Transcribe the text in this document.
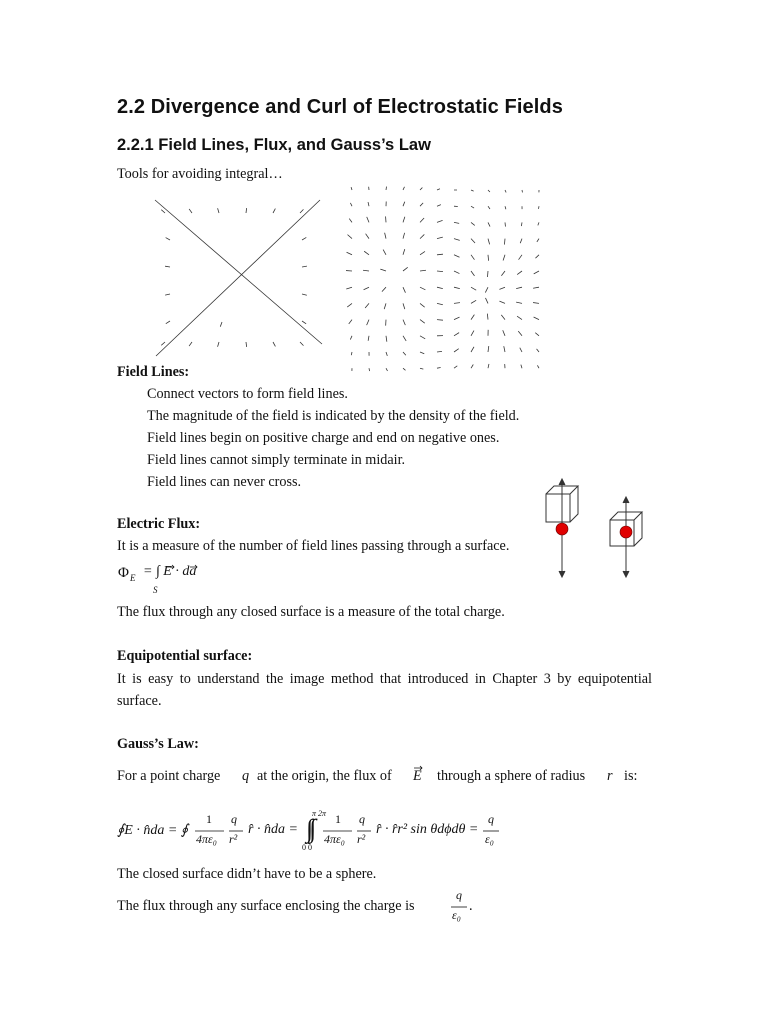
2.2 Divergence and Curl of Electrostatic Fields
2.2.1 Field Lines, Flux, and Gauss’s Law
Tools for avoiding integral…
Field Lines:
Connect vectors to form field lines.
The magnitude of the field is indicated by the density of the field.
Field lines begin on positive charge and end on negative ones.
Field lines cannot simply terminate in midair.
Field lines can never cross.
Electric Flux:
It is a measure of the number of field lines passing through a surface.
Φ E = ∫ E · da
S
The flux through any closed surface is a measure of the total charge.
Equipotential surface:
It is easy to understand the image method that introduced in Chapter 3 by equipotential surface.
Gauss’s Law:
For a point charge q at the origin, the flux of E through a sphere of radius r is:
∮E · n̂da = ∮
1
4πε₀
q
r²
r̂ · n̂da = ∫∫
π 2π
0 0
1
4πε₀
q
r²
r̂ · r̂r² sin θdϕdθ =
q
ε₀
The closed surface didn’t have to be a sphere.
The flux through any surface enclosing the charge is
q
ε₀
.
